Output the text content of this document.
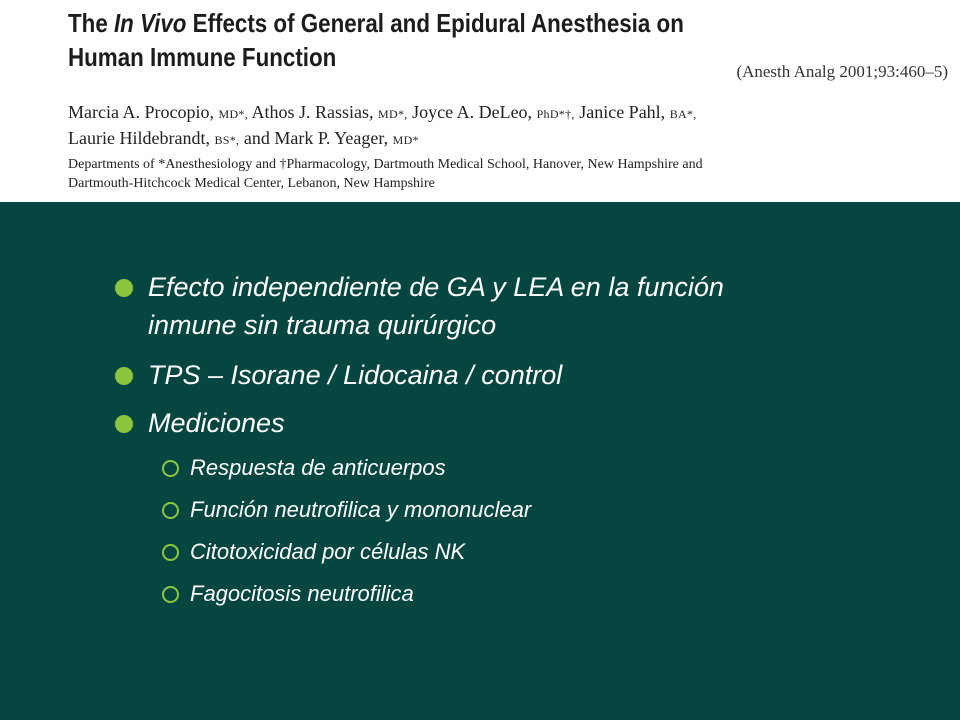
The In Vivo Effects of General and Epidural Anesthesia on
Human Immune Function	(Anesth Analg 2001;93:460–5)
Marcia A. Procopio, MD*, Athos J. Rassias, MD*, Joyce A. DeLeo, PhD*†, Janice Pahl, BA*,
Laurie Hildebrandt, BS*, and Mark P. Yeager, MD*
Departments of *Anesthesiology and †Pharmacology, Dartmouth Medical School, Hanover, New Hampshire and
Dartmouth-Hitchcock Medical Center, Lebanon, New Hampshire
Efecto independiente de GA y LEA en la función
inmune sin trauma quirúrgico
TPS – Isorane / Lidocaina / control
Mediciones
Respuesta de anticuerpos
Función neutrofilica y mononuclear
Citotoxicidad por células NK
Fagocitosis neutrofilica
